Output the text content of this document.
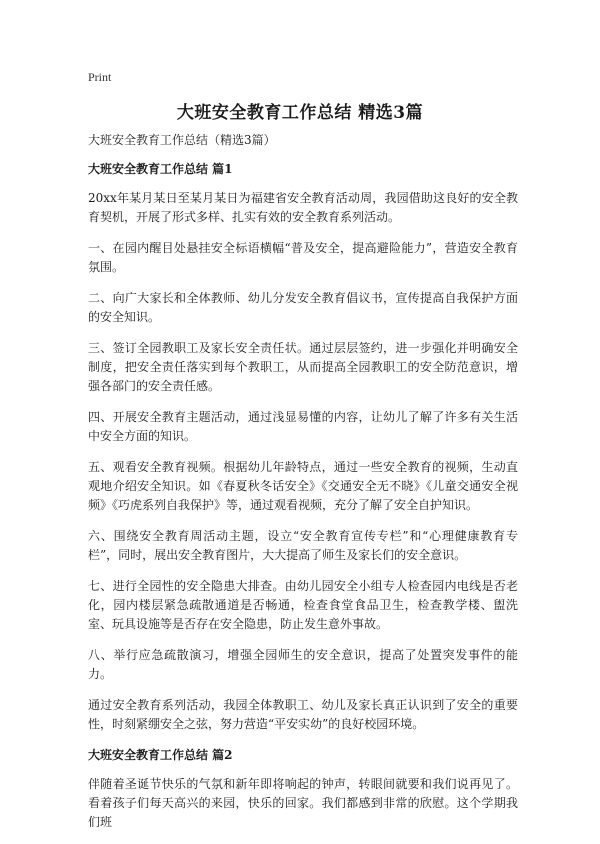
Print
大班安全教育工作总结 精选3篇

大班安全教育工作总结（精选3篇）

大班安全教育工作总结 篇1

20xx年某月某日至某月某日为福建省安全教育活动周，我园借助这良好的安全教育契机，开展了形式多样、扎实有效的安全教育系列活动。

一、在园内醒目处悬挂安全标语横幅“普及安全，提高避险能力”，营造安全教育氛围。

二、向广大家长和全体教师、幼儿分发安全教育倡议书，宣传提高自我保护方面的安全知识。

三、签订全园教职工及家长安全责任状。通过层层签约，进一步强化并明确安全制度，把安全责任落实到每个教职工，从而提高全园教职工的安全防范意识，增强各部门的安全责任感。

四、开展安全教育主题活动，通过浅显易懂的内容，让幼儿了解了许多有关生活中安全方面的知识。

五、观看安全教育视频。根据幼儿年龄特点，通过一些安全教育的视频，生动直观地介绍安全知识。如《春夏秋冬话安全》《交通安全无不晓》《儿童交通安全视频》《巧虎系列自我保护》等，通过观看视频，充分了解了安全自护知识。

六、围绕安全教育周活动主题，设立“安全教育宣传专栏”和“心理健康教育专栏”，同时，展出安全教育图片，大大提高了师生及家长们的安全意识。

七、进行全园性的安全隐患大排查。由幼儿园安全小组专人检查园内电线是否老化，园内楼层紧急疏散通道是否畅通，检查食堂食品卫生，检查教学楼、盥洗室、玩具设施等是否存在安全隐患，防止发生意外事故。

八、举行应急疏散演习，增强全园师生的安全意识，提高了处置突发事件的能力。

通过安全教育系列活动，我园全体教职工、幼儿及家长真正认识到了安全的重要性，时刻紧绷安全之弦，努力营造“平安实幼”的良好校园环境。

大班安全教育工作总结 篇2

伴随着圣诞节快乐的气氛和新年即将响起的钟声，转眼间就要和我们说再见了。看着孩子们每天高兴的来园，快乐的回家。我们都感到非常的欣慰。这个学期我们班
